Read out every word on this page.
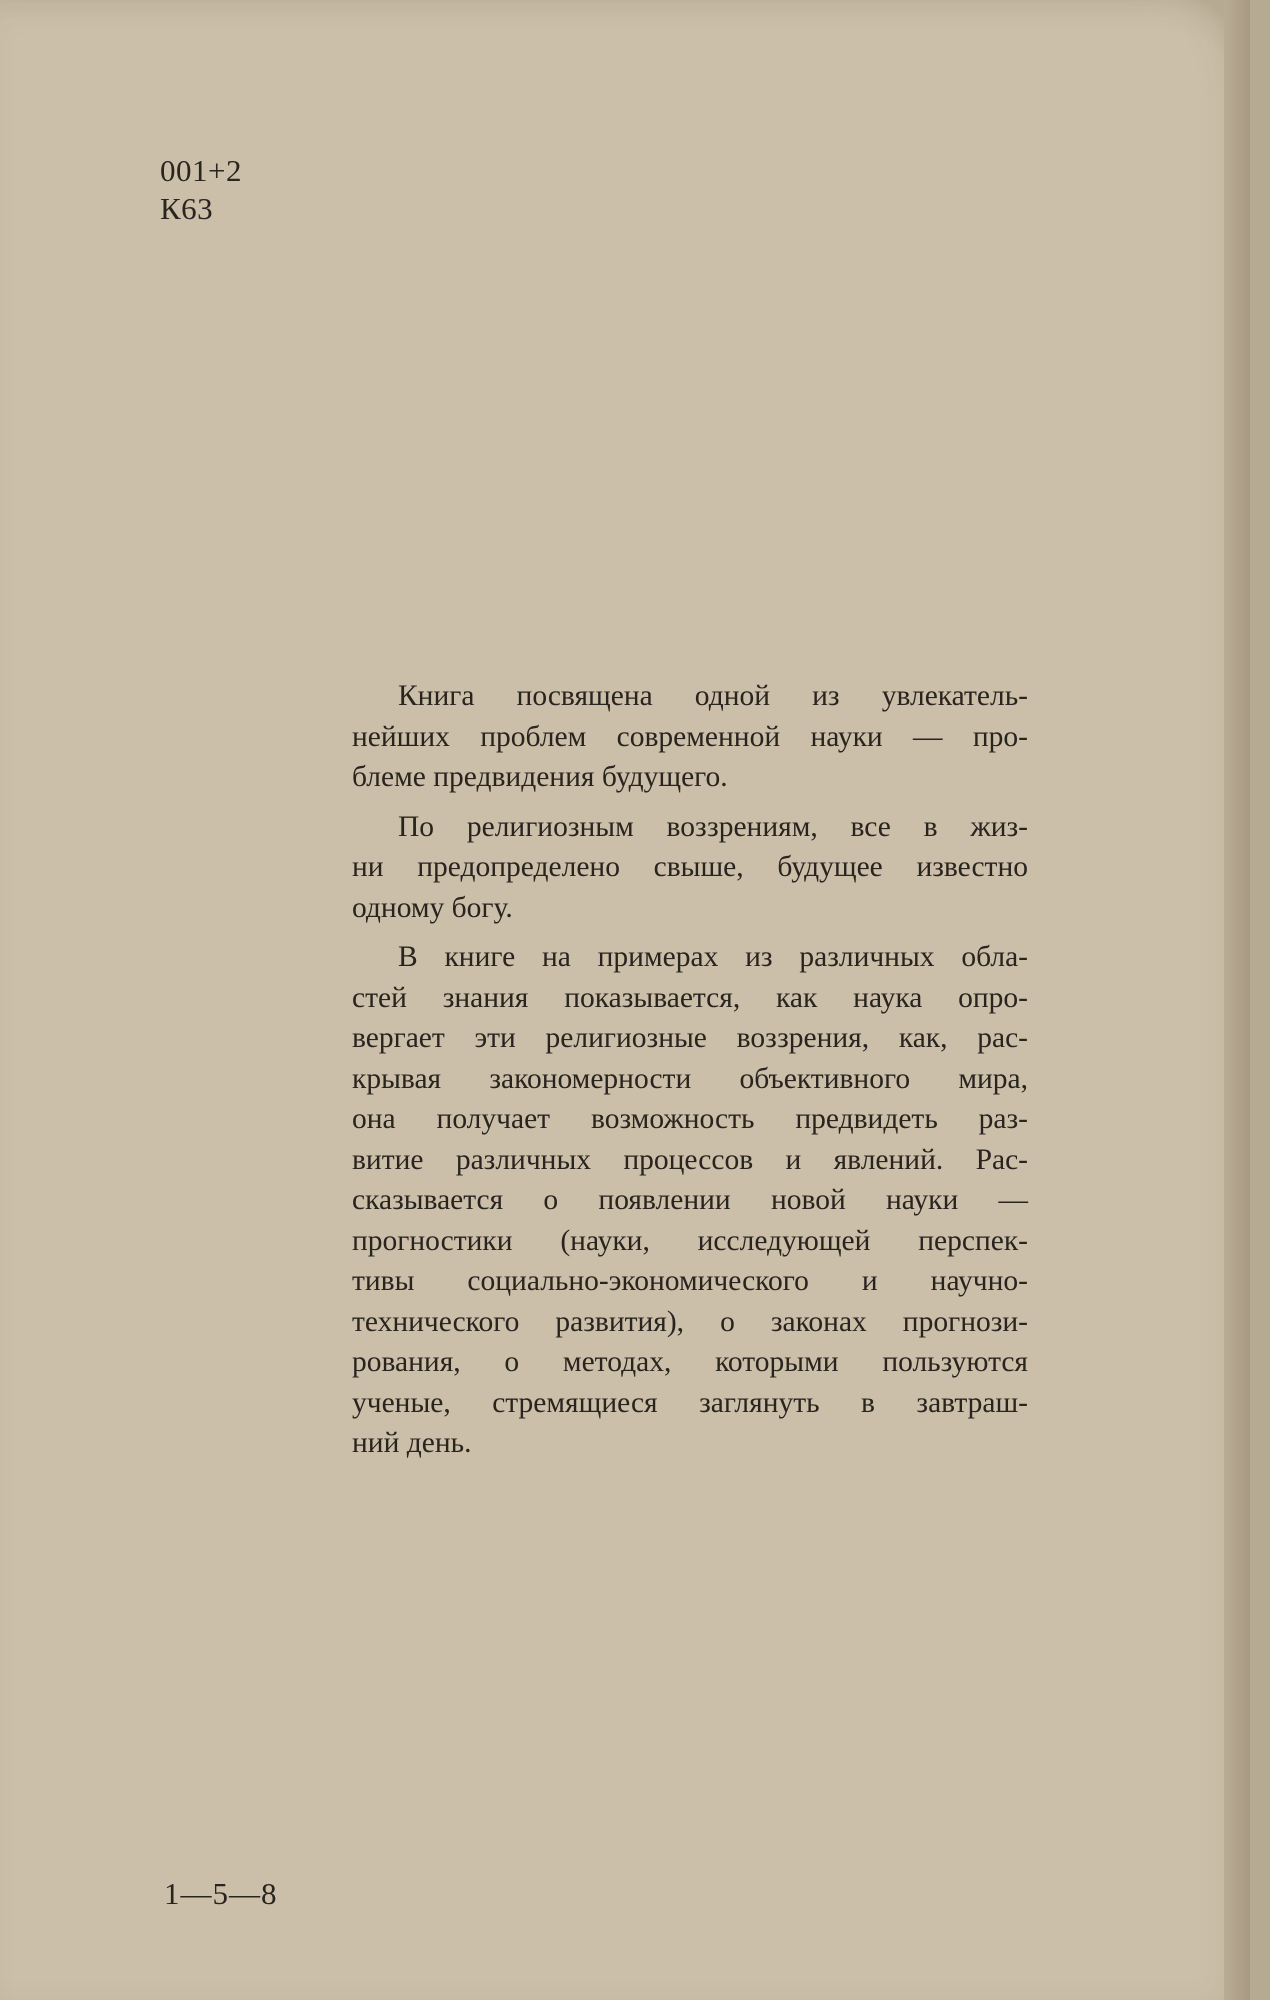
001+2
К63

Книга посвящена одной из увлекатель-
нейших проблем современной науки — про-
блеме предвидения будущего.

По религиозным воззрениям, все в жиз-
ни предопределено свыше, будущее известно
одному богу.

В книге на примерах из различных обла-
стей знания показывается, как наука опро-
вергает эти религиозные воззрения, как, рас-
крывая закономерности объективного мира,
она получает возможность предвидеть раз-
витие различных процессов и явлений. Рас-
сказывается о появлении новой науки —
прогностики (науки, исследующей перспек-
тивы социально-экономического и научно-
технического развития), о законах прогнози-
рования, о методах, которыми пользуются
ученые, стремящиеся заглянуть в завтраш-
ний день.

1—5—8
